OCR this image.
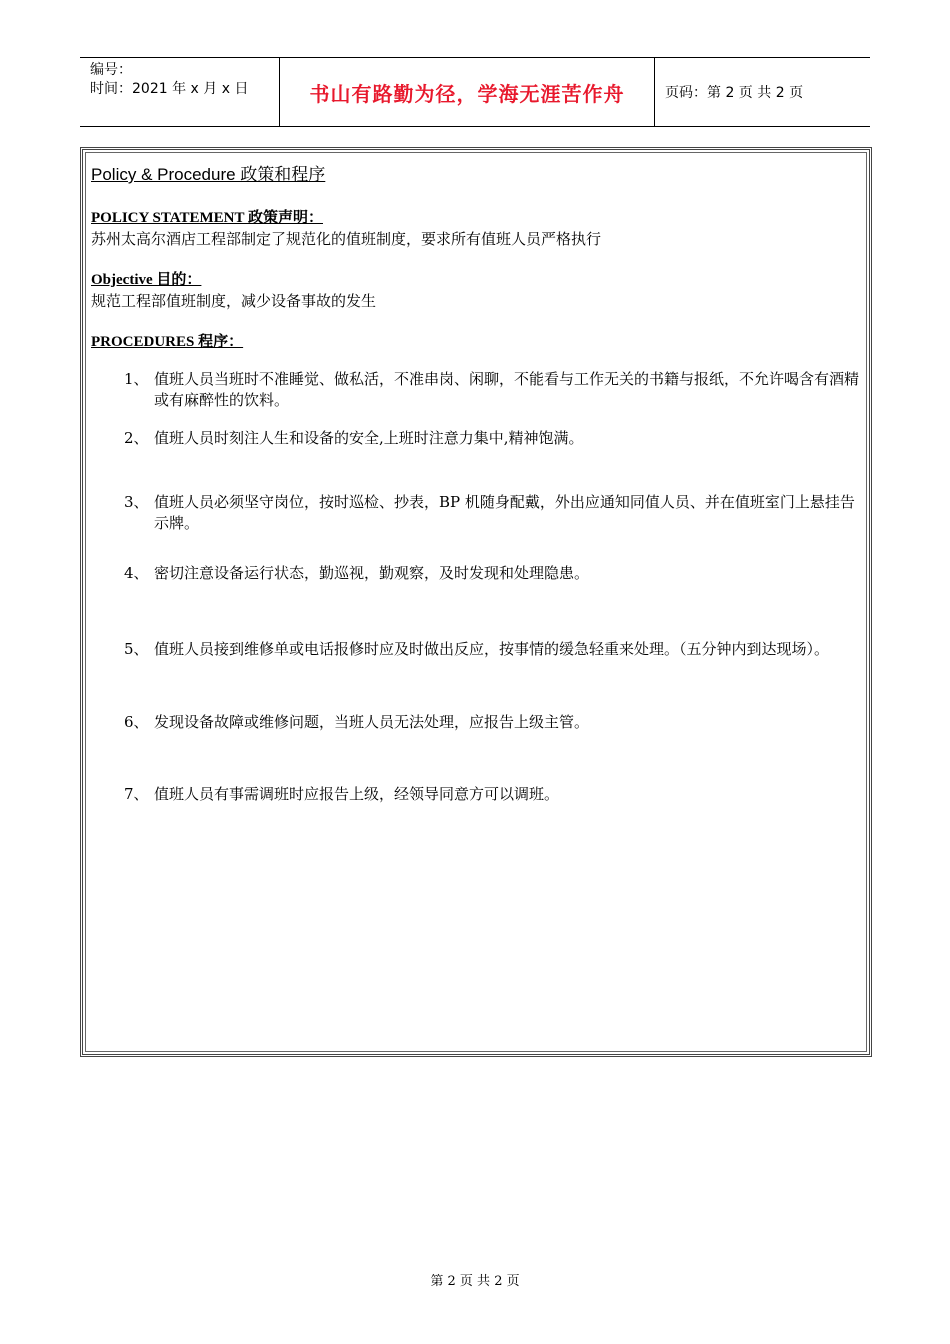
编号：
时间：2021 年 x 月 x 日	书山有路勤为径，学海无涯苦作舟	页码：第 2 页 共 2 页
Policy & Procedure 政策和程序
POLICY STATEMENT 政策声明：
苏州太高尔酒店工程部制定了规范化的值班制度，要求所有值班人员严格执行
Objective 目的：
规范工程部值班制度，减少设备事故的发生
PROCEDURES 程序：
1、 值班人员当班时不准睡觉、做私活，不准串岗、闲聊，不能看与工作无关的书籍与报纸，不允许喝含有酒精或有麻醉性的饮料。
2、 值班人员时刻注人生和设备的安全,上班时注意力集中,精神饱满。
3、 值班人员必须坚守岗位，按时巡检、抄表，BP 机随身配戴，外出应通知同值人员、并在值班室门上悬挂告示牌。
4、 密切注意设备运行状态，勤巡视，勤观察，及时发现和处理隐患。
5、 值班人员接到维修单或电话报修时应及时做出反应，按事情的缓急轻重来处理。（五分钟内到达现场）。
6、 发现设备故障或维修问题，当班人员无法处理，应报告上级主管。
7、 值班人员有事需调班时应报告上级，经领导同意方可以调班。
第 2 页 共 2 页
